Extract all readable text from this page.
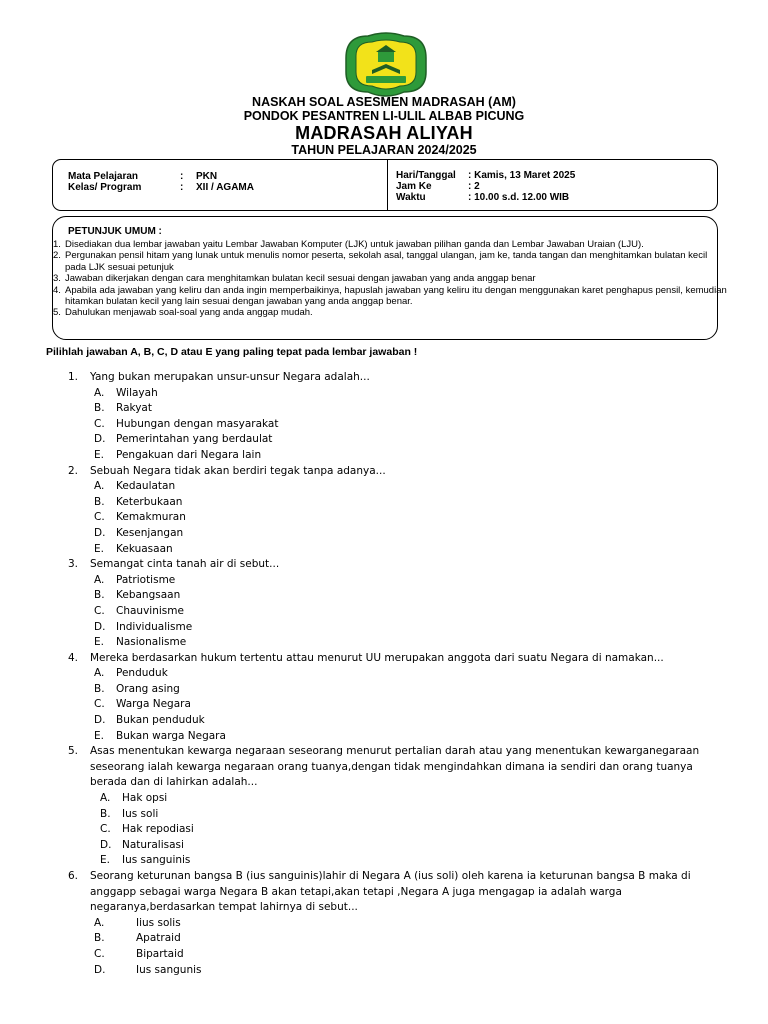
NASKAH SOAL ASESMEN MADRASAH (AM)
PONDOK PESANTREN LI-ULIL ALBAB PICUNG
MADRASAH ALIYAH
TAHUN PELAJARAN 2024/2025
Mata Pelajaran	:	PKN
Kelas/ Program	:	XII / AGAMA
Hari/Tanggal	: Kamis, 13 Maret 2025
Jam Ke	: 2
Waktu	: 10.00 s.d. 12.00 WIB
PETUNJUK UMUM :
1. Disediakan dua lembar jawaban yaitu Lembar Jawaban Komputer (LJK) untuk jawaban pilihan ganda dan Lembar Jawaban Uraian (LJU).
2. Pergunakan pensil hitam yang lunak untuk menulis nomor peserta, sekolah asal, tanggal ulangan, jam ke, tanda tangan dan menghitamkan bulatan kecil pada LJK sesuai petunjuk
3. Jawaban dikerjakan dengan cara menghitamkan bulatan kecil sesuai dengan jawaban yang anda anggap benar
4. Apabila ada jawaban yang keliru dan anda ingin memperbaikinya, hapuslah jawaban yang keliru itu dengan menggunakan karet penghapus pensil, kemudian hitamkan bulatan kecil yang lain sesuai dengan jawaban yang anda anggap benar.
5. Dahulukan menjawab soal-soal yang anda anggap mudah.
Pilihlah jawaban A, B, C, D atau E yang paling tepat pada lembar jawaban !
1. Yang bukan merupakan unsur-unsur Negara adalah...
A. Wilayah
B. Rakyat
C. Hubungan dengan masyarakat
D. Pemerintahan yang berdaulat
E. Pengakuan dari Negara lain
2. Sebuah Negara tidak akan berdiri tegak tanpa adanya...
A. Kedaulatan
B. Keterbukaan
C. Kemakmuran
D. Kesenjangan
E. Kekuasaan
3. Semangat cinta tanah air di sebut...
A. Patriotisme
B. Kebangsaan
C. Chauvinisme
D. Individualisme
E. Nasionalisme
4. Mereka berdasarkan hukum tertentu attau menurut UU merupakan anggota dari suatu Negara di namakan...
A. Penduduk
B. Orang asing
C. Warga Negara
D. Bukan penduduk
E. Bukan warga Negara
5. Asas menentukan kewarga negaraan seseorang menurut pertalian darah atau yang menentukan kewarganegaraan seseorang ialah kewarga negaraan orang tuanya,dengan tidak mengindahkan dimana ia sendiri dan orang tuanya berada dan di lahirkan adalah...
A. Hak opsi
B. Ius soli
C. Hak repodiasi
D. Naturalisasi
E. Ius sanguinis
6. Seorang keturunan bangsa B (ius sanguinis)lahir di Negara A (ius soli) oleh karena ia keturunan bangsa B maka di anggapp sebagai warga Negara B akan tetapi,akan tetapi ,Negara A juga mengagap ia adalah warga negaranya,berdasarkan tempat lahirnya di sebut...
A.	Iius solis
B.	Apatraid
C.	Bipartaid
D.	Ius sangunis
